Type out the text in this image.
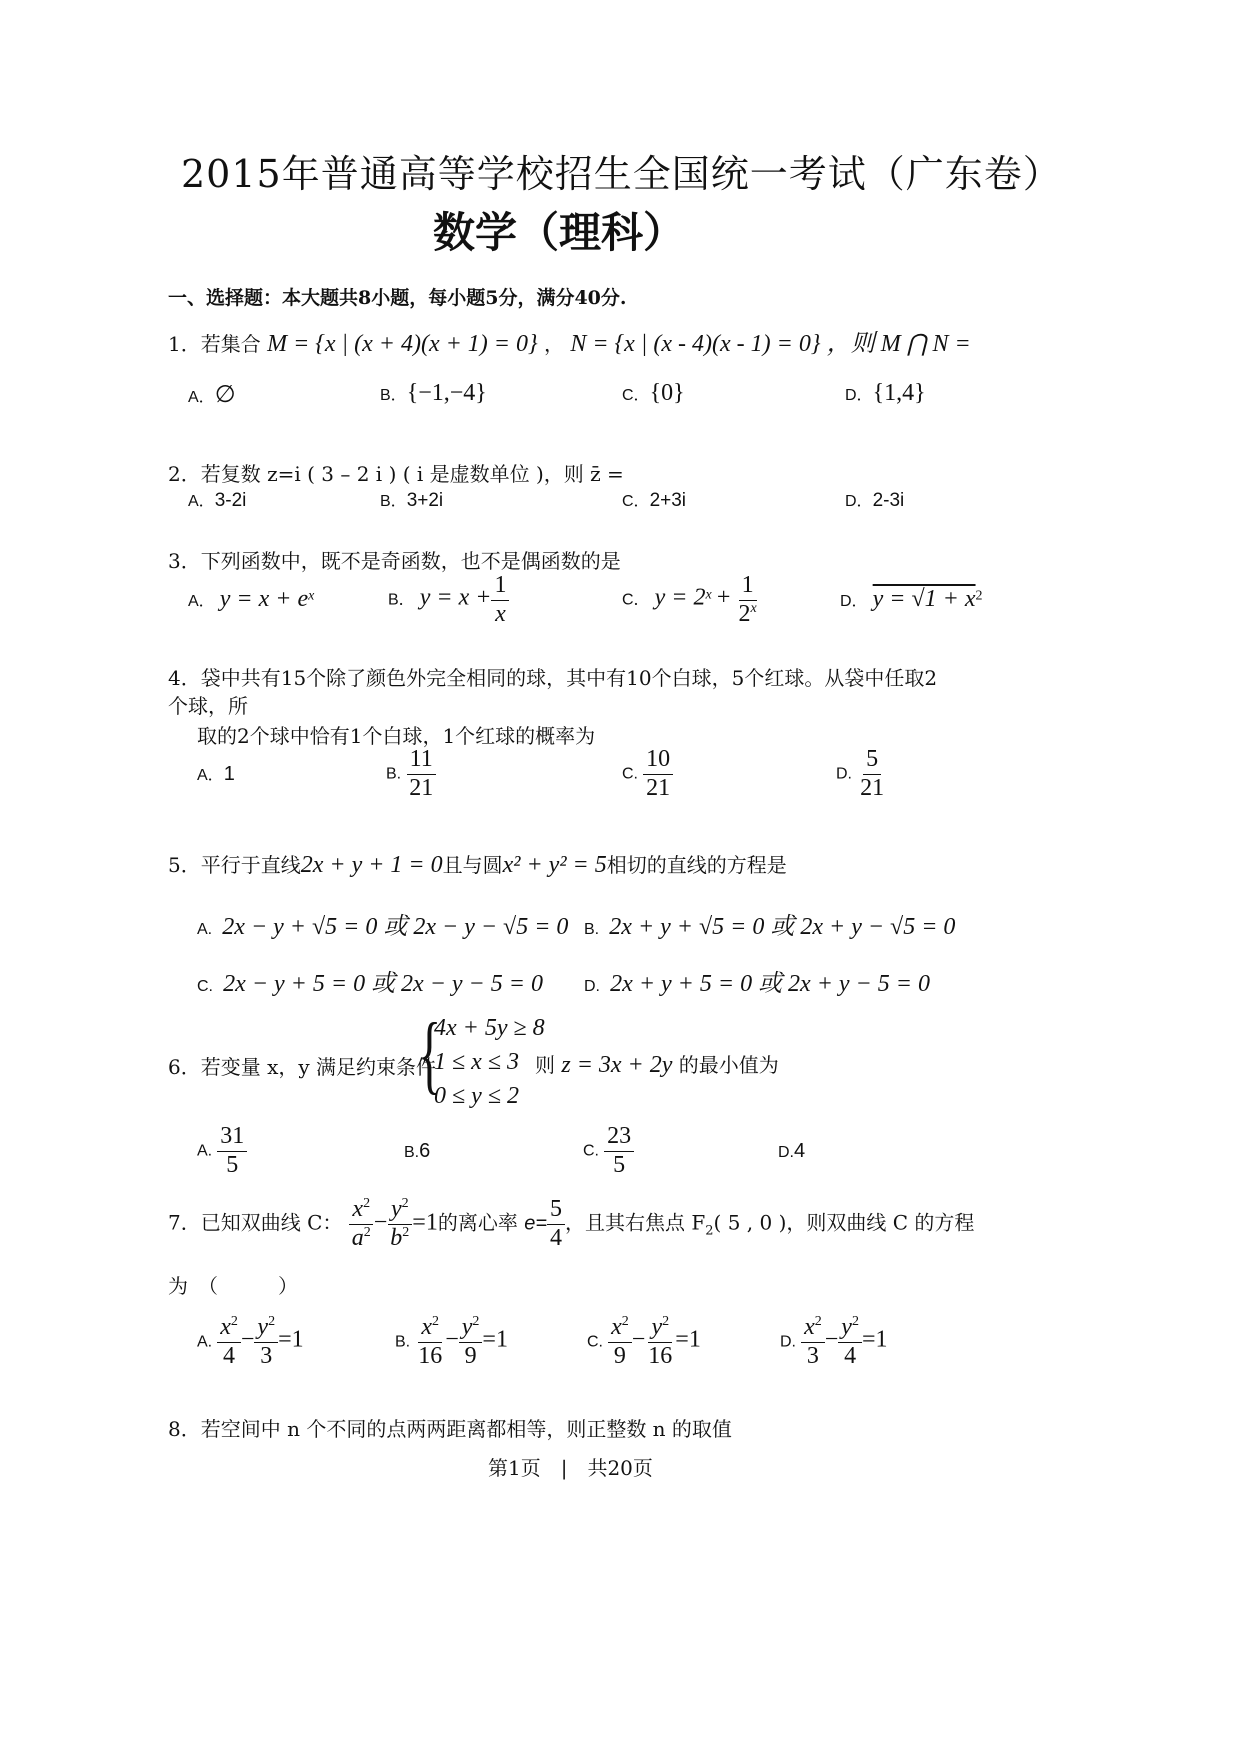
2015年普通高等学校招生全国统一考试（广东卷）
数学（理科）
一、选择题：本大题共8小题，每小题5分，满分40分.
1．若集合 M = {x | (x + 4)(x + 1) = 0} ， N = {x | (x - 4)(x - 1) = 0} ，则 M ⋂ N =
A．∅	B．{−1,−4}	C．{0}	D．{1,4}
2．若复数 z=i ( 3 – 2 i ) ( i 是虚数单位 )，则 z̄ =
A．3-2i	B．3+2i	C．2+3i	D．2-3i
3．下列函数中，既不是奇函数，也不是偶函数的是
A． y = x + ex	B． $y = x + \frac{1}{x}$	C． $y = 2x + \frac{1}{2^x}$	D． y = √1 + x2
4．袋中共有15个除了颜色外完全相同的球，其中有10个白球，5个红球。从袋中任取2
个球，所
取的2个球中恰有1个白球，1个红球的概率为
A．1	B. $\frac{11}{21}$	C. $\frac{10}{21}$	D. $\frac{5}{21}$
5．平行于直线2x + y + 1 = 0且与圆x² + y² = 5相切的直线的方程是
A. 2x − y + √5 = 0 或 2x − y − √5 = 0 B. 2x + y + √5 = 0 或 2x + y − √5 = 0
C. 2x − y + 5 = 0 或 2x − y − 5 = 0	D. 2x + y + 5 = 0 或 2x + y − 5 = 0
6．若变量 x，y 满足约束条件
{
4x + 5y ≥ 8
1 ≤ x ≤ 3
0 ≤ y ≤ 2
则 z = 3x + 2y 的最小值为
A. $\frac{31}{5}$	B.6	C. $\frac{23}{5}$	D.4
7．已知双曲线 C： $\frac{x^2}{a^2} - \frac{y^2}{b^2} =1$的离心率 $e= \frac{5}{4}$ ，且其右焦点 $F_2$( 5 , 0 )，则双曲线 C 的方程
为　（　　　）
A. $\frac{x^2}{4} - \frac{y^2}{3} =1$	B. $\frac{x^2}{16} - \frac{y^2}{9} =1$	C. $\frac{x^2}{9} - \frac{y^2}{16} =1$	D. $\frac{x^2}{3} - \frac{y^2}{4} =1$
8．若空间中 n 个不同的点两两距离都相等，则正整数 n 的取值
第1页　|　共20页
